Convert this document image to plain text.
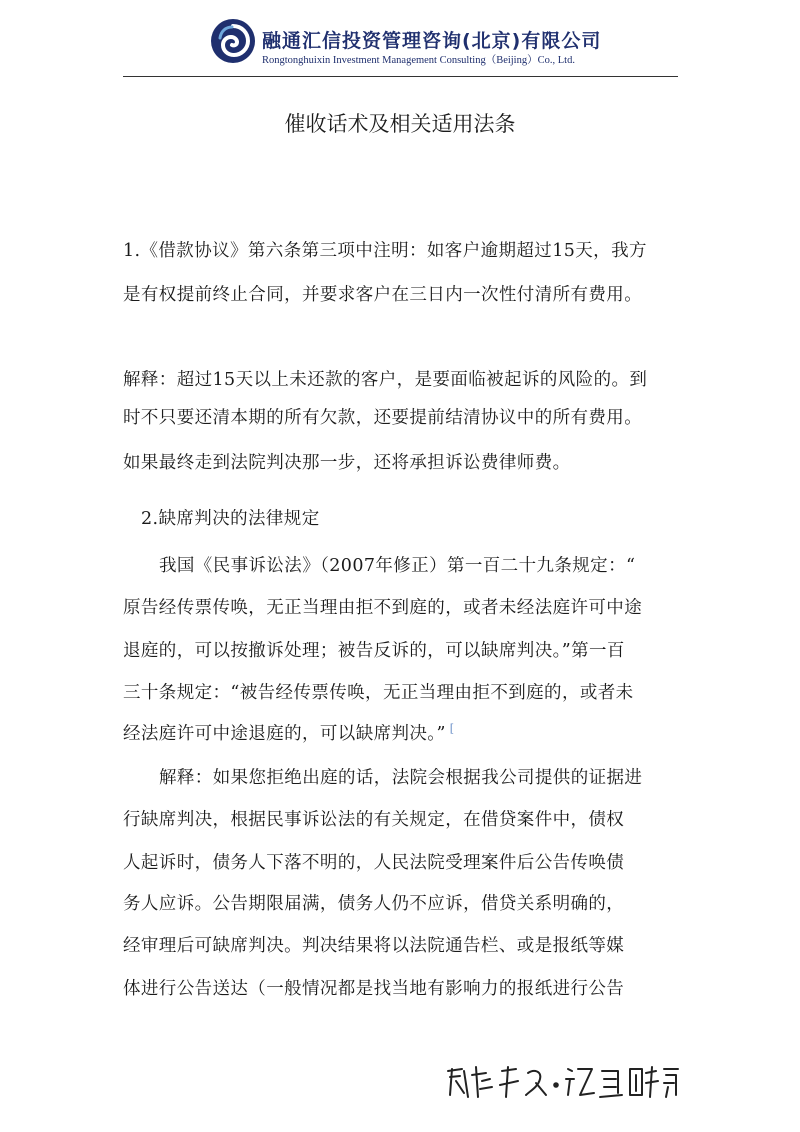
融通汇信投资管理咨询(北京)有限公司
Rongtonghuixin Investment Management Consulting（Beijing）Co., Ltd.
催收话术及相关适用法条
1.《借款协议》第六条第三项中注明：如客户逾期超过15天，我方
是有权提前终止合同，并要求客户在三日内一次性付清所有费用。
解释：超过15天以上未还款的客户，是要面临被起诉的风险的。到
时不只要还清本期的所有欠款，还要提前结清协议中的所有费用。
如果最终走到法院判决那一步，还将承担诉讼费律师费。
2.缺席判决的法律规定
我国《民事诉讼法》（2007年修正）第一百二十九条规定：“
原告经传票传唤，无正当理由拒不到庭的，或者未经法庭许可中途
退庭的，可以按撤诉处理；被告反诉的，可以缺席判决。”第一百
三十条规定：“被告经传票传唤，无正当理由拒不到庭的，或者未
经法庭许可中途退庭的，可以缺席判决。” [
解释：如果您拒绝出庭的话，法院会根据我公司提供的证据进
行缺席判决，根据民事诉讼法的有关规定，在借贷案件中，债权
人起诉时，债务人下落不明的，人民法院受理案件后公告传唤债
务人应诉。公告期限届满，债务人仍不应诉，借贷关系明确的，
经审理后可缺席判决。判决结果将以法院通告栏、或是报纸等媒
体进行公告送达（一般情况都是找当地有影响力的报纸进行公告
